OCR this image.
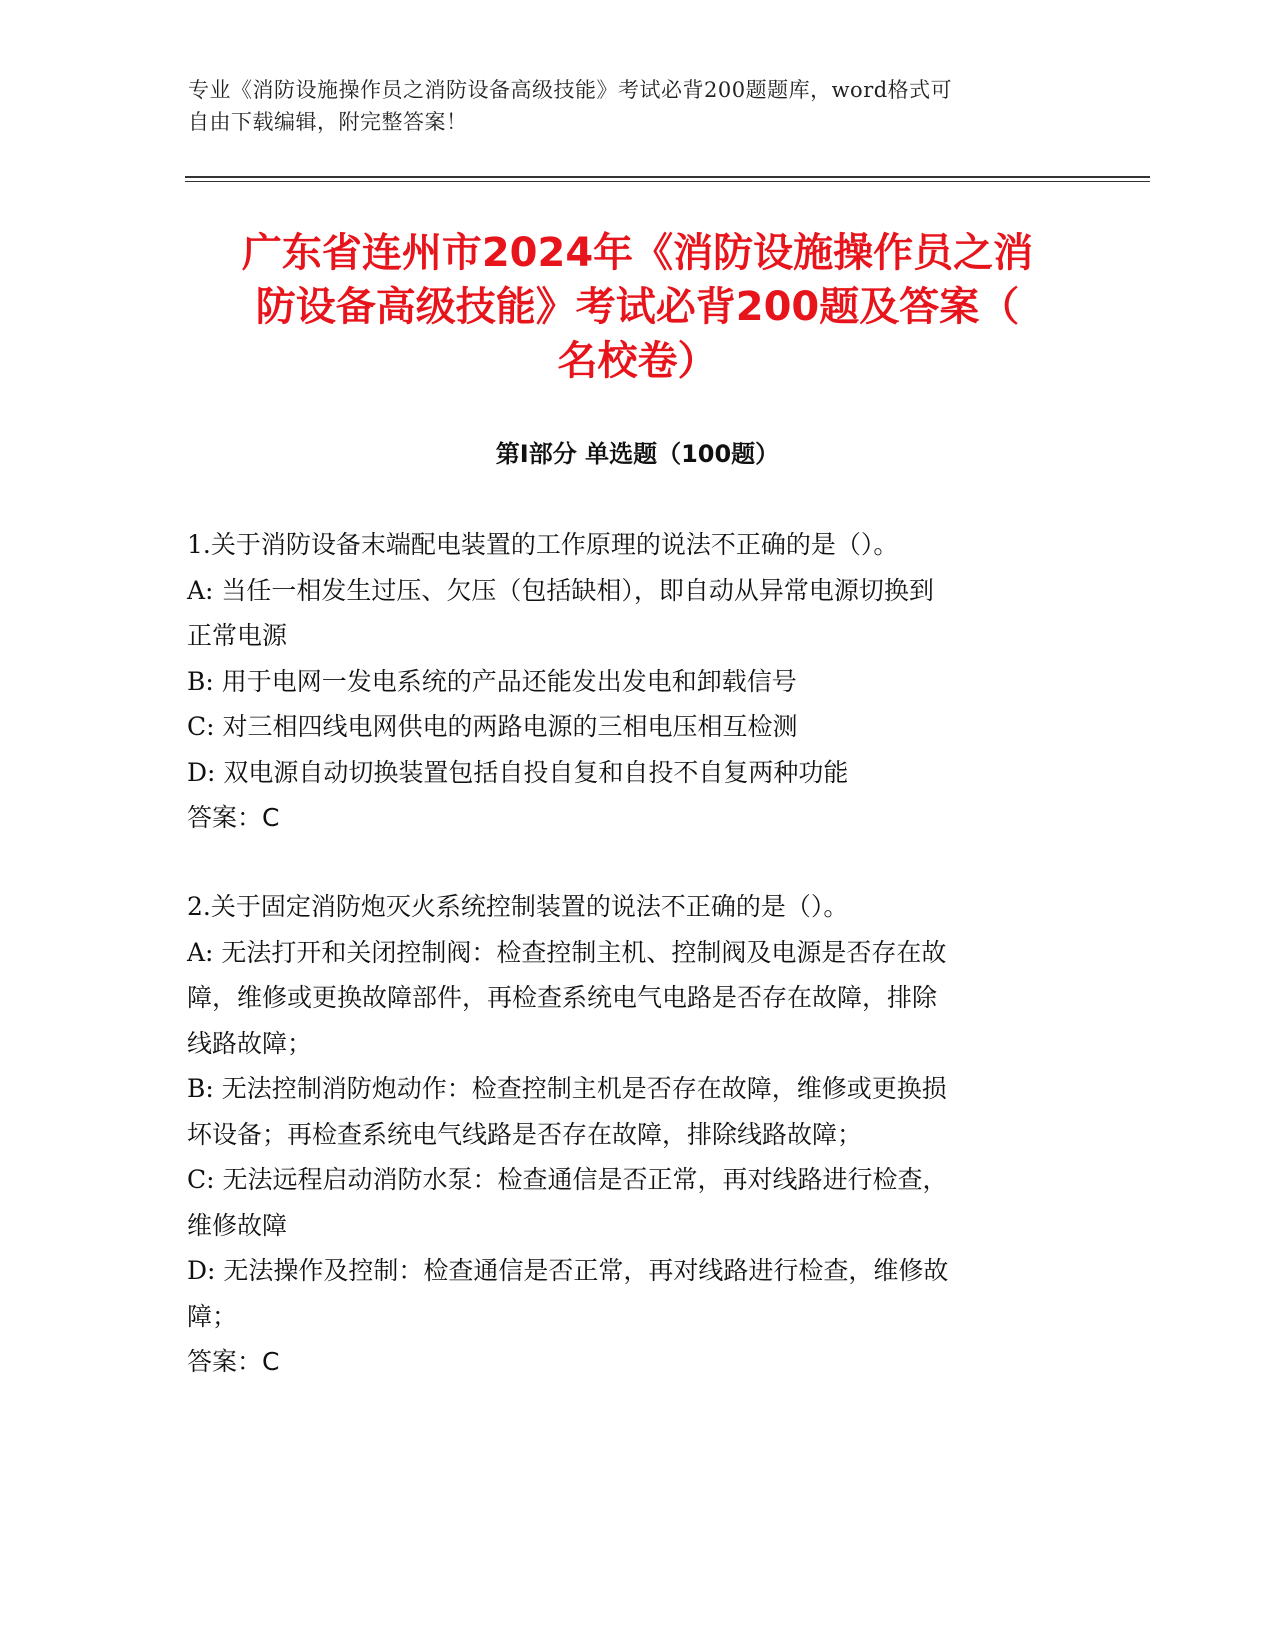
专业《消防设施操作员之消防设备高级技能》考试必背200题题库，word格式可
自由下载编辑，附完整答案！
广东省连州市2024年《消防设施操作员之消
防设备高级技能》考试必背200题及答案（
名校卷）
第Ⅰ部分 单选题（100题）
1.关于消防设备末端配电装置的工作原理的说法不正确的是（）。
A: 当任一相发生过压、欠压（包括缺相），即自动从异常电源切换到
正常电源
B: 用于电网一发电系统的产品还能发出发电和卸载信号
C: 对三相四线电网供电的两路电源的三相电压相互检测
D: 双电源自动切换装置包括自投自复和自投不自复两种功能
答案：C
2.关于固定消防炮灭火系统控制装置的说法不正确的是（）。
A: 无法打开和关闭控制阀：检查控制主机、控制阀及电源是否存在故
障，维修或更换故障部件，再检查系统电气电路是否存在故障，排除
线路故障；
B: 无法控制消防炮动作：检查控制主机是否存在故障，维修或更换损
坏设备；再检查系统电气线路是否存在故障，排除线路故障；
C: 无法远程启动消防水泵：检查通信是否正常，再对线路进行检查，
维修故障
D: 无法操作及控制：检查通信是否正常，再对线路进行检查，维修故
障；
答案：C
